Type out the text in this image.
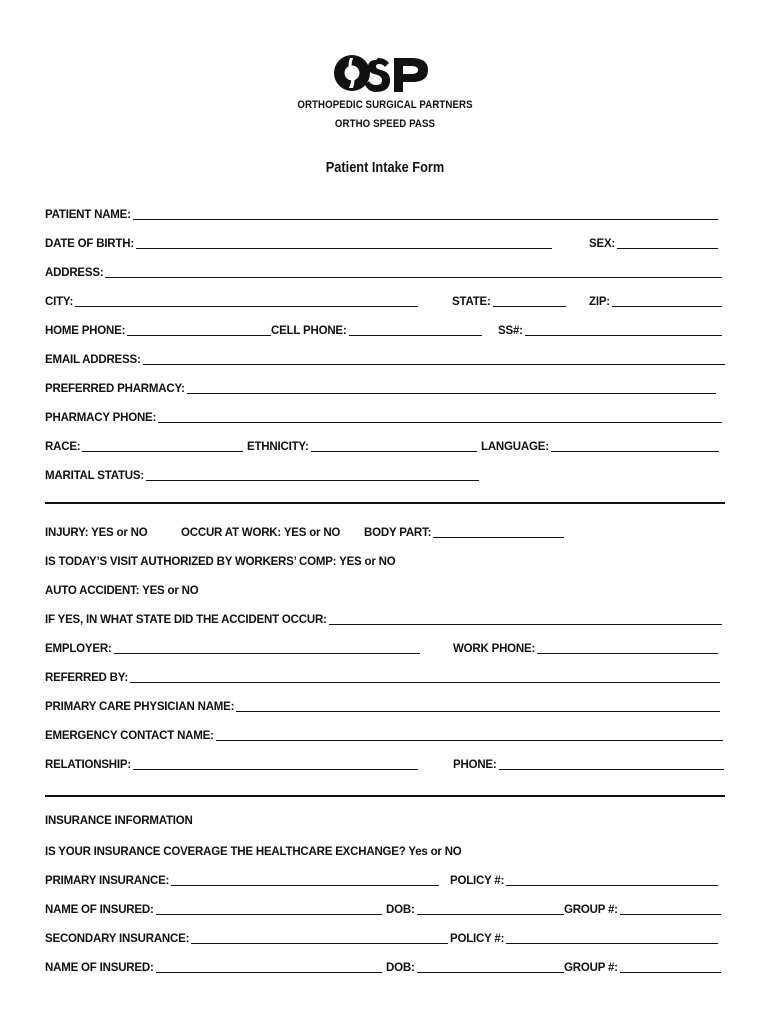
ORTHOPEDIC SURGICAL PARTNERS
ORTHO SPEED PASS
Patient Intake Form
PATIENT NAME:
DATE OF BIRTH:	SEX:
ADDRESS:
CITY:	STATE:	ZIP:
HOME PHONE:	CELL PHONE:	SS#:
EMAIL ADDRESS:
PREFERRED PHARMACY:
PHARMACY PHONE:
RACE:	ETHNICITY:	LANGUAGE:
MARITAL STATUS:
INJURY: YES or NO	OCCUR AT WORK: YES or NO BODY PART:
IS TODAY’S VISIT AUTHORIZED BY WORKERS’ COMP: YES or NO
AUTO ACCIDENT: YES or NO
IF YES, IN WHAT STATE DID THE ACCIDENT OCCUR:
EMPLOYER:	WORK PHONE:
REFERRED BY:
PRIMARY CARE PHYSICIAN NAME:
EMERGENCY CONTACT NAME:
RELATIONSHIP:	PHONE:
INSURANCE INFORMATION
IS YOUR INSURANCE COVERAGE THE HEALTHCARE EXCHANGE? Yes or NO
PRIMARY INSURANCE:	POLICY #:
NAME OF INSURED:	DOB:	GROUP #:
SECONDARY INSURANCE:	POLICY #:
NAME OF INSURED:	DOB:	GROUP #:
